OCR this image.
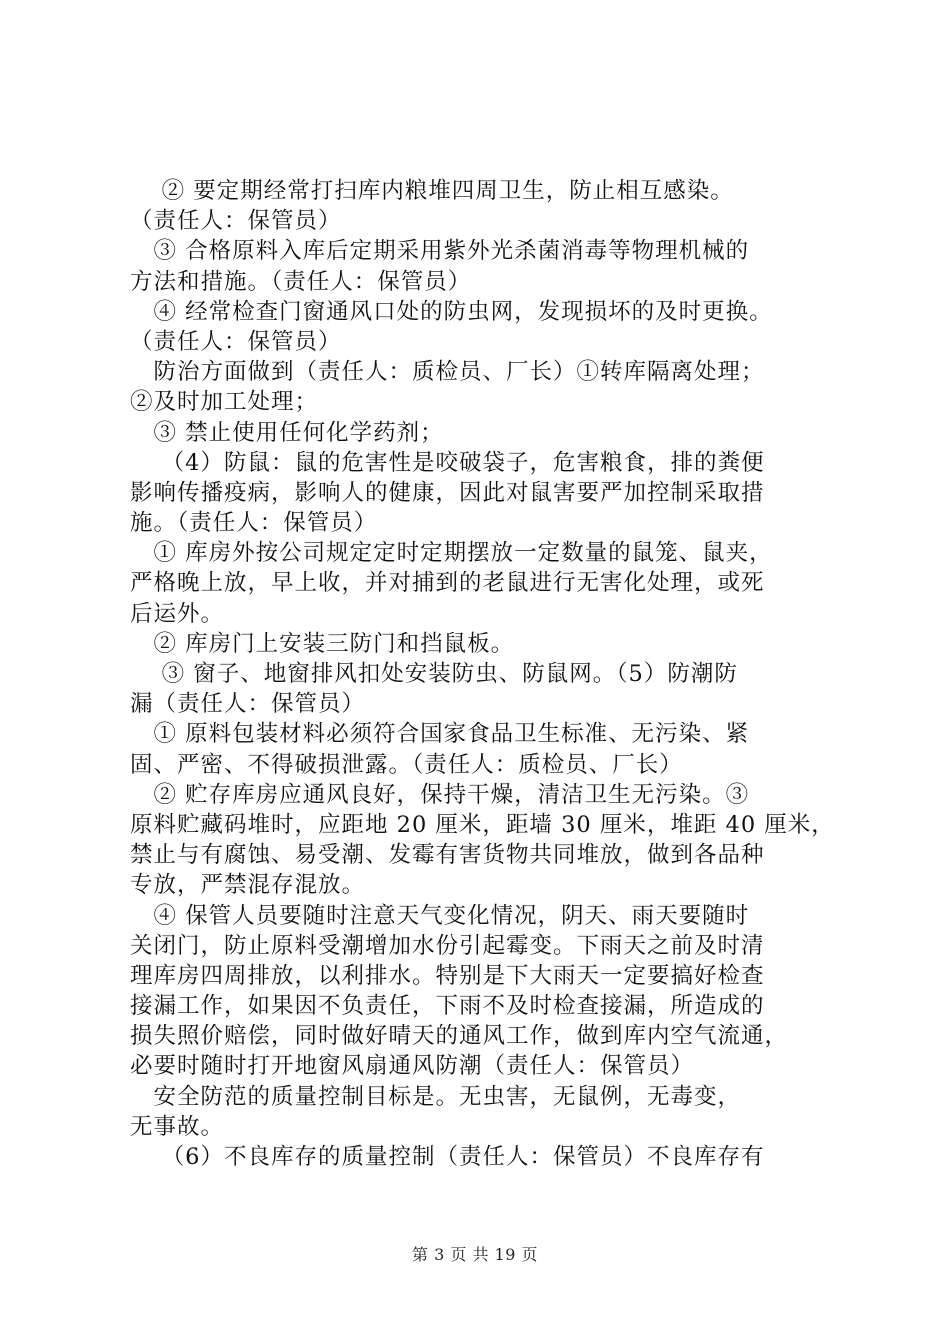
　 ② 要定期经常打扫库内粮堆四周卫生，防止相互感染。
（责任人：保管员）
　③ 合格原料入库后定期采用紫外光杀菌消毒等物理机械的
方法和措施。（责任人：保管员）
　④ 经常检查门窗通风口处的防虫网，发现损坏的及时更换。
（责任人：保管员）
　防治方面做到（责任人：质检员、厂长）①转库隔离处理；
②及时加工处理；
　③ 禁止使用任何化学药剂；
　 （4）防鼠：鼠的危害性是咬破袋子，危害粮食，排的粪便
影响传播疫病，影响人的健康，因此对鼠害要严加控制采取措
施。（责任人：保管员）
　① 库房外按公司规定定时定期摆放一定数量的鼠笼、鼠夹，
严格晚上放，早上收，并对捕到的老鼠进行无害化处理，或死
后运外。
　② 库房门上安装三防门和挡鼠板。
　 ③ 窗子、地窗排风扣处安装防虫、防鼠网。（5）防潮防
漏（责任人：保管员）
　① 原料包装材料必须符合国家食品卫生标准、无污染、紧
固、严密、不得破损泄露。（责任人：质检员、厂长）
　② 贮存库房应通风良好，保持干燥，清洁卫生无污染。③
原料贮藏码堆时，应距地 20 厘米，距墙 30 厘米，堆距 40 厘米，
禁止与有腐蚀、易受潮、发霉有害货物共同堆放，做到各品种
专放，严禁混存混放。
　④ 保管人员要随时注意天气变化情况，阴天、雨天要随时
关闭门，防止原料受潮增加水份引起霉变。下雨天之前及时清
理库房四周排放，以利排水。特别是下大雨天一定要搞好检查
接漏工作，如果因不负责任，下雨不及时检查接漏，所造成的
损失照价赔偿，同时做好晴天的通风工作，做到库内空气流通，
必要时随时打开地窗风扇通风防潮（责任人：保管员）
　安全防范的质量控制目标是。无虫害，无鼠例，无毒变，
无事故。
　 （6）不良库存的质量控制（责任人：保管员）不良库存有
第 3 页 共 19 页
